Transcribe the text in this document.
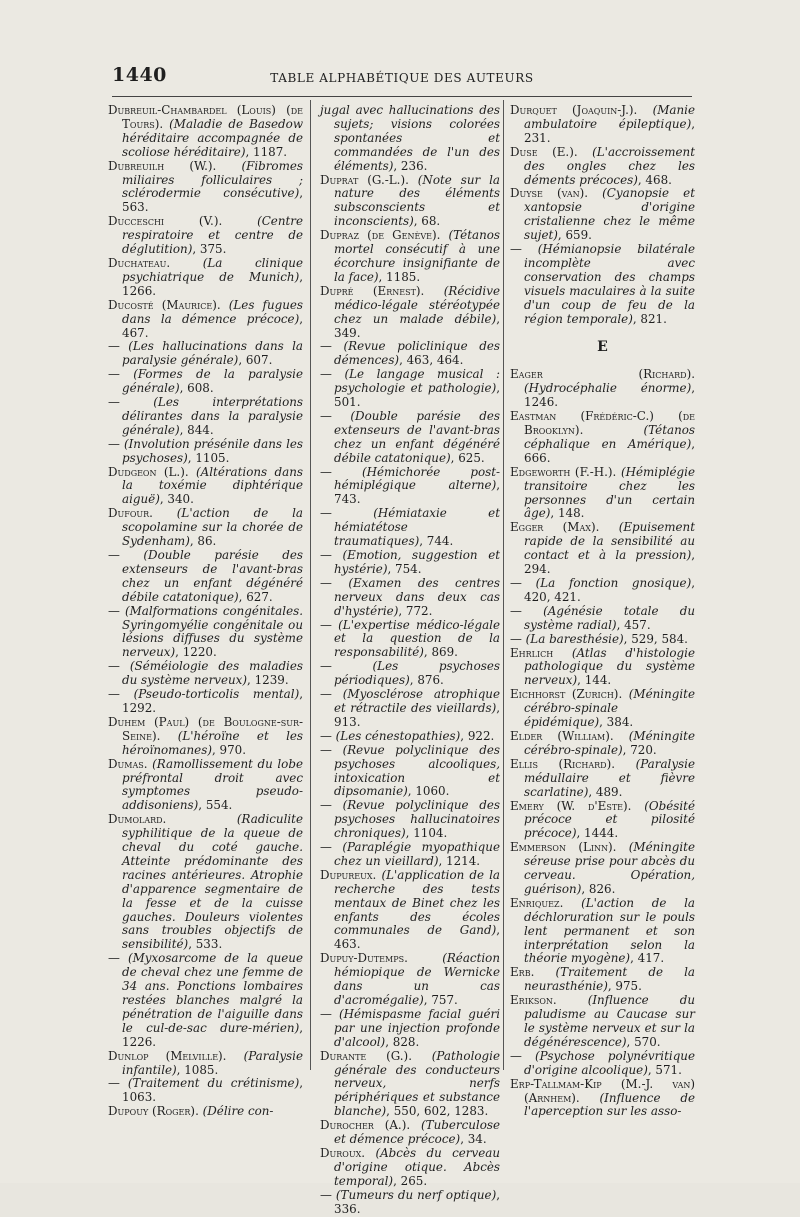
1440	TABLE ALPHABÉTIQUE DES AUTEURS

Dubreuil-Chambardel (Louis) (de Tours). (Maladie de Basedow héréditaire accompagnée de scoliose héréditaire), 1187.

Dubreuilh (W.). (Fibromes miliaires folliculaires ; sclérodermie consécutive), 563.

Ducceschi (V.). (Centre respiratoire et centre de déglutition), 375.

Duchateau. (La clinique psychiatrique de Munich), 1266.

Ducosté (Maurice). (Les fugues dans la démence précoce), 467.

— (Les hallucinations dans la paralysie générale), 607.

— (Formes de la paralysie générale), 608.

— (Les interprétations délirantes dans la paralysie générale), 844.

— (Involution présénile dans les psychoses), 1105.

Dudgeon (L.). (Altérations dans la toxémie diphtérique aiguë), 340.

Dufour. (L'action de la scopolamine sur la chorée de Sydenham), 86.

— (Double parésie des extenseurs de l'avant-bras chez un enfant dégénéré débile catatonique), 627.

— (Malformations congénitales. Syringomyélie congénitale ou lésions diffuses du système nerveux), 1220.

— (Séméiologie des maladies du système nerveux), 1239.

— (Pseudo-torticolis mental), 1292.

Duhem (Paul) (de Boulogne-sur-Seine). (L'héroïne et les héroïnomanes), 970.

Dumas. (Ramollissement du lobe préfrontal droit avec symptomes pseudo-addisoniens), 554.

Dumolard. (Radiculite syphilitique de la queue de cheval du coté gauche. Atteinte prédominante des racines antérieures. Atrophie d'apparence segmentaire de la fesse et de la cuisse gauches. Douleurs violentes sans troubles objectifs de sensibilité), 533.

— (Myxosarcome de la queue de cheval chez une femme de 34 ans. Ponctions lombaires restées blanches malgré la pénétration de l'aiguille dans le cul-de-sac dure-mérien), 1226.

Dunlop (Melville). (Paralysie infantile), 1085.

— (Traitement du crétinisme), 1063.

Dupouy (Roger). (Délire con-

jugal avec hallucinations des sujets; visions colorées spontanées et commandées de l'un des éléments), 236.

Duprat (G.-L.). (Note sur la nature des éléments subsconscients et inconscients), 68.

Dupraz (de Genève). (Tétanos mortel consécutif à une écorchure insignifiante de la face), 1185.

Dupré (Ernest). (Récidive médico-légale stéréotypée chez un malade débile), 349.

— (Revue policlinique des démences), 463, 464.

— (Le langage musical : psychologie et pathologie), 501.

— (Double parésie des extenseurs de l'avant-bras chez un enfant dégénéré débile catatonique), 625.

— (Hémichorée post-hémiplégique alterne), 743.

— (Hémiataxie et hémiatétose traumatiques), 744.

— (Emotion, suggestion et hystérie), 754.

— (Examen des centres nerveux dans deux cas d'hystérie), 772.

— (L'expertise médico-légale et la question de la responsabilité), 869.

— (Les psychoses périodiques), 876.

— (Myosclérose atrophique et rétractile des vieillards), 913.

— (Les cénestopathies), 922.

— (Revue polyclinique des psychoses alcooliques, intoxication et dipsomanie), 1060.

— (Revue polyclinique des psychoses hallucinatoires chroniques), 1104.

— (Paraplégie myopathique chez un vieillard), 1214.

Dupureux. (L'application de la recherche des tests mentaux de Binet chez les enfants des écoles communales de Gand), 463.

Dupuy-Dutemps. (Réaction hémiopique de Wernicke dans un cas d'acromégalie), 757.

— (Hémispasme facial guéri par une injection profonde d'alcool), 828.

Durante (G.). (Pathologie générale des conducteurs nerveux, nerfs périphériques et substance blanche), 550, 602, 1283.

Durocher (A.). (Tuberculose et démence précoce), 34.

Duroux. (Abcès du cerveau d'origine otique. Abcès temporal), 265.

— (Tumeurs du nerf optique), 336.

Durquet (Joaquin-J.). (Manie ambulatoire épileptique), 231.

Duse (E.). (L'accroissement des ongles chez les déments précoces), 468.

Duyse (van). (Cyanopsie et xantopsie d'origine cristalienne chez le même sujet), 659.

— (Hémianopsie bilatérale incomplète avec conservation des champs visuels maculaires à la suite d'un coup de feu de la région temporale), 821.

E

Eager (Richard). (Hydrocéphalie énorme), 1246.

Eastman (Frédéric-C.) (de Brooklyn). (Tétanos céphalique en Amérique), 666.

Edgeworth (F.-H.). (Hémiplégie transitoire chez les personnes d'un certain âge), 148.

Egger (Max). (Epuisement rapide de la sensibilité au contact et à la pression), 294.

— (La fonction gnosique), 420, 421.

— (Agénésie totale du système radial), 457.

— (La baresthésie), 529, 584.

Ehrlich (Atlas d'histologie pathologique du système nerveux), 144.

Eichhorst (Zurich). (Méningite cérébro-spinale épidémique), 384.

Elder (William). (Méningite cérébro-spinale), 720.

Ellis (Richard). (Paralysie médullaire et fièvre scarlatine), 489.

Emery (W. d'Este). (Obésité précoce et pilosité précoce), 1444.

Emmerson (Linn). (Méningite séreuse prise pour abcès du cerveau. Opération, guérison), 826.

Enriquez. (L'action de la déchloruration sur le pouls lent permanent et son interprétation selon la théorie myogène), 417.

Erb. (Traitement de la neurasthénie), 975.

Erikson. (Influence du paludisme au Caucase sur le système nerveux et sur la dégénérescence), 570.

— (Psychose polynévritique d'origine alcoolique), 571.

Erp-Tallmam-Kip (M.-J. van) (Arnhem). (Influence de l'aperception sur les asso-
